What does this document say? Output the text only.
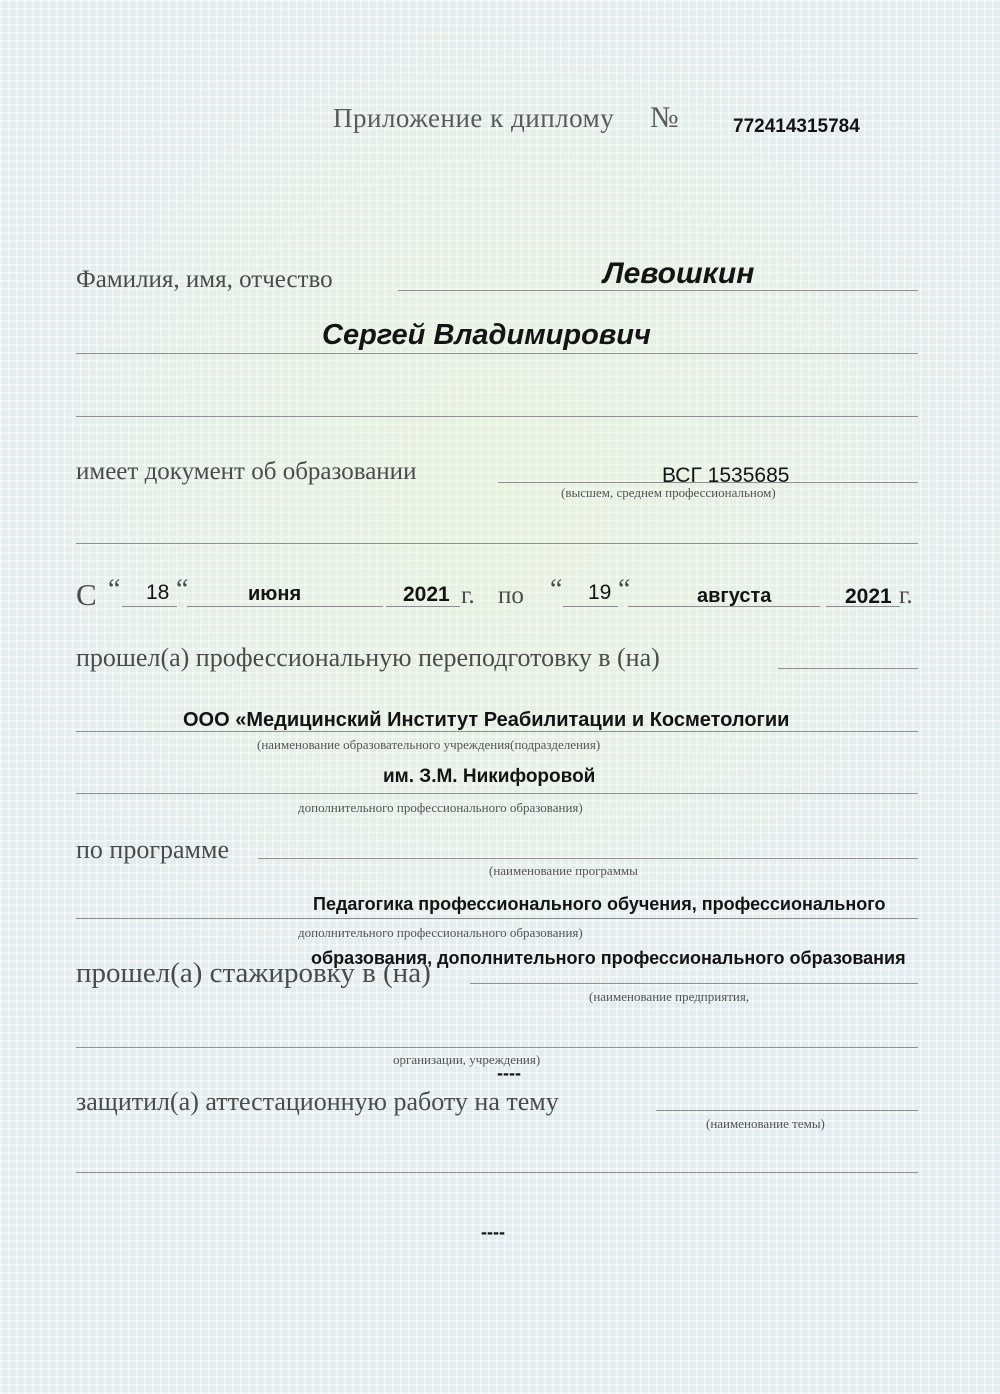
Приложение к диплому №	772414315784
Фамилия, имя, отчество	Левошкин
Сергей Владимирович
имеет документ об образовании	ВСГ 1535685
(высшем, среднем профессиональном)
С “ 18 “	июня	2021 г. по “ 19 “	августа	2021 г.
прошел(а) профессиональную переподготовку в (на)
ООО «Медицинский Институт Реабилитации и Косметологии
(наименование образовательного учреждения(подразделения)
им. З.М. Никифоровой
дополнительного профессионального образования)
по программе
(наименование программы
Педагогика профессионального обучения, профессионального
дополнительного профессионального образования)
образования, дополнительного профессионального образования
прошел(а) стажировку в (на)
(наименование предприятия,
организации, учреждения)
----
защитил(а) аттестационную работу на тему
(наименование темы)
----
